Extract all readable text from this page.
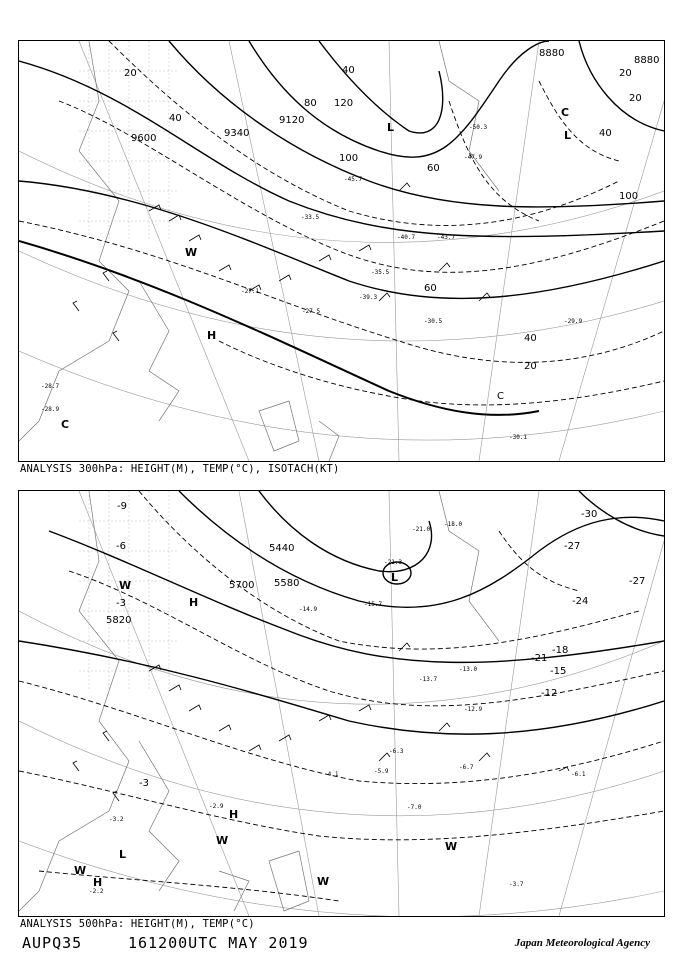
8880
9120
9340
9600
8880
20
40
60
80
100
120
40
20
100
40
20
60
40
20
C
L
L
C
H
C
W
-30.5
-27.5
-30.1
-29.9
-28.7
-35.5
-40.7	-43.7
-47.9
-50.3
-45.7
-33.5
-39.3
-27.1
-28.9
ANALYSIS 300hPa: HEIGHT(M), TEMP(°C), ISOTACH(KT)
5440
5580
5700
5820
-30
-27
-24
-21
-18
-15
-12
-9
-6
-3
-27
-3
L
H
L
H
H
W
W
W
W
W
-21.3
-21.0
-18.0
-14.9
-15.7
-13.0
-13.7
-12.9
-6.3
-6.1
-5.9
-6.7
-4.1
-3.7
-2.9
-2.2
-3.2
-7.0
ANALYSIS 500hPa: HEIGHT(M), TEMP(°C)
AUPQ35	161200UTC MAY 2019	Japan Meteorological Agency
